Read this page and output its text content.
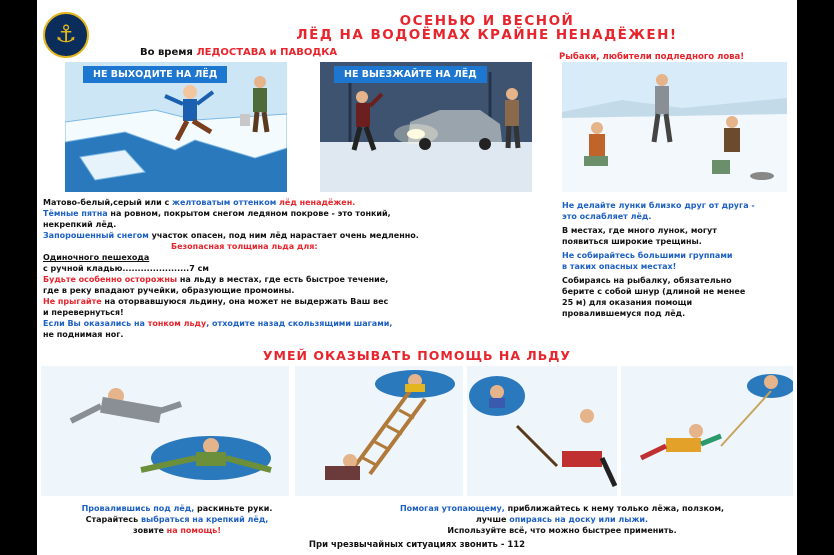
⚓	ОСЕНЬЮ И ВЕСНОЙ
ЛЁД НА ВОДОЁМАХ КРАЙНЕ НЕНАДЁЖЕН!
Во время ЛЕДОСТАВА и ПАВОДКА	Рыбаки, любители подледного лова!
НЕ ВЫХОДИТЕ НА ЛЁД	НЕ ВЫЕЗЖАЙТЕ НА ЛЁД
Матово-белый,серый или с желтоватым оттенком лёд ненадёжен.
Тёмные пятна на ровном, покрытом снегом ледяном покрове - это тонкий,
некрепкий лёд.
Запорошенный снегом участок опасен, под ним лёд нарастает очень медленно.
Безопасная толщина льда для:
Одиночного пешехода
с ручной кладью......................7 см
Будьте особенно осторожны на льду в местах, где есть быстрое течение,
где в реку впадают ручейки, образующие промоины.
Не прыгайте на оторвавшуюся льдину, она может не выдержать Ваш вес
и перевернуться!
Если Вы оказались на тонком льду, отходите назад скользящими шагами,
не поднимая ног.
Не делайте лунки близко друг от друга -
это ослабляет лёд.
В местах, где много лунок, могут
появиться широкие трещины.
Не собирайтесь большими группами
в таких опасных местах!
Собираясь на рыбалку, обязательно
берите с собой шнур (длиной не менее
25 м) для оказания помощи
провалившемуся под лёд.
УМЕЙ ОКАЗЫВАТЬ ПОМОЩЬ НА ЛЬДУ
Провалившись под лёд, раскиньте руки.
Старайтесь выбраться на крепкий лёд,
зовите на помощь!
Помогая утопающему, приближайтесь к нему только лёжа, ползком,
лучше опираясь на доску или лыжи.
Используйте всё, что можно быстрее применить.
При чрезвычайных ситуациях звонить - 112
